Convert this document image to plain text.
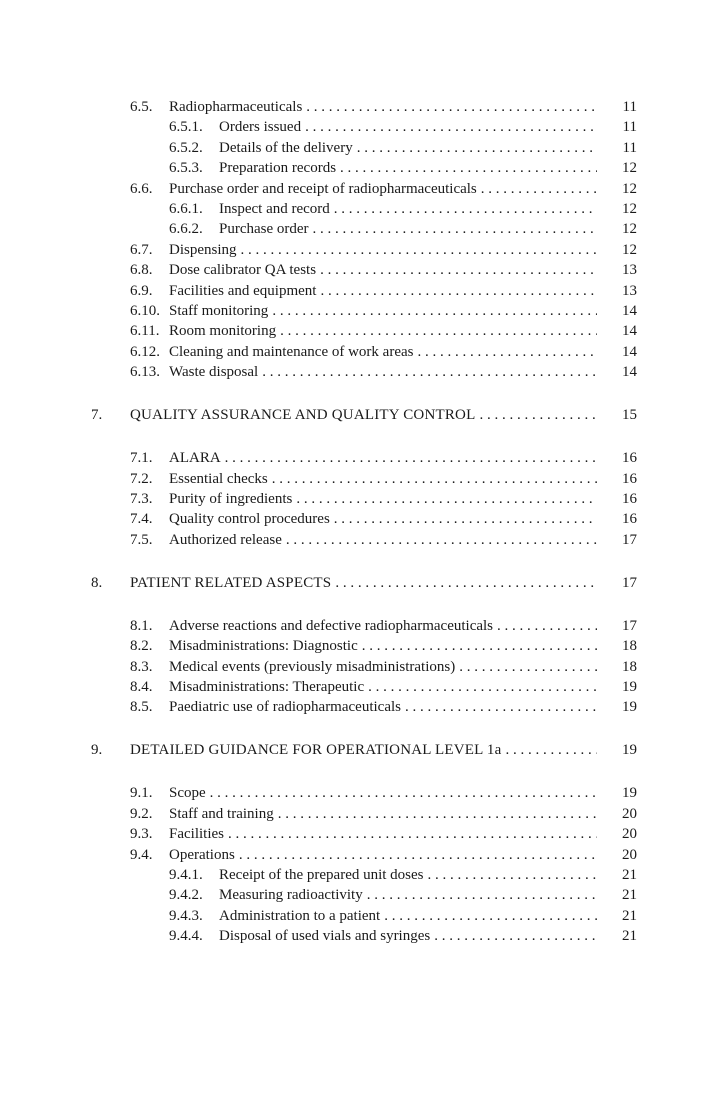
6.5. Radiopharmaceuticals . . .	11
6.5.1. Orders issued . . .	11
6.5.2. Details of the delivery . . .	11
6.5.3. Preparation records . . .	12
6.6. Purchase order and receipt of radiopharmaceuticals . . .	12
6.6.1. Inspect and record . . .	12
6.6.2. Purchase order . . .	12
6.7. Dispensing . . .	12
6.8. Dose calibrator QA tests . . .	13
6.9. Facilities and equipment . . .	13
6.10. Staff monitoring . . .	14
6.11. Room monitoring . . .	14
6.12. Cleaning and maintenance of work areas . . .	14
6.13. Waste disposal . . .	14
7. QUALITY ASSURANCE AND QUALITY CONTROL . . .	15
7.1. ALARA . . .	16
7.2. Essential checks . . .	16
7.3. Purity of ingredients . . .	16
7.4. Quality control procedures . . .	16
7.5. Authorized release . . .	17
8. PATIENT RELATED ASPECTS . . .	17
8.1. Adverse reactions and defective radiopharmaceuticals . . .	17
8.2. Misadministrations: Diagnostic . . .	18
8.3. Medical events (previously misadministrations) . . .	18
8.4. Misadministrations: Therapeutic . . .	19
8.5. Paediatric use of radiopharmaceuticals . . .	19
9. DETAILED GUIDANCE FOR OPERATIONAL LEVEL 1a . . .	19
9.1. Scope . . .	19
9.2. Staff and training . . .	20
9.3. Facilities . . .	20
9.4. Operations . . .	20
9.4.1. Receipt of the prepared unit doses . . .	21
9.4.2. Measuring radioactivity . . .	21
9.4.3. Administration to a patient . . .	21
9.4.4. Disposal of used vials and syringes . . .	21
